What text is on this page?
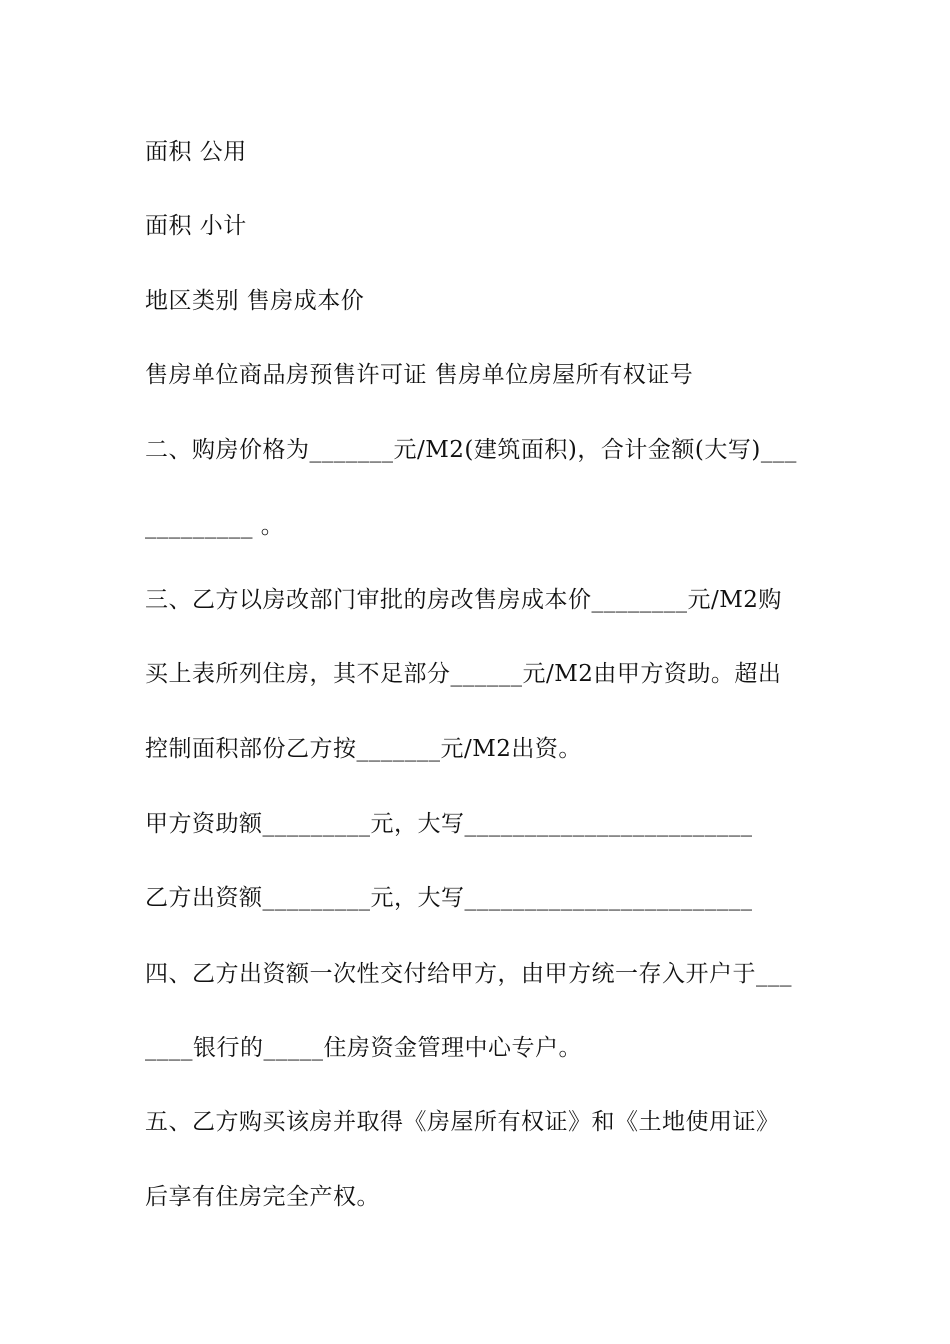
面积 公用
面积 小计
地区类别 售房成本价
售房单位商品房预售许可证 售房单位房屋所有权证号
二、购房价格为_______元/M2(建筑面积)，合计金额(大写)___
_________ 。
三、乙方以房改部门审批的房改售房成本价________元/M2购
买上表所列住房，其不足部分______元/M2由甲方资助。超出
控制面积部份乙方按_______元/M2出资。
甲方资助额_________元，大写________________________
乙方出资额_________元，大写________________________
四、乙方出资额一次性交付给甲方，由甲方统一存入开户于___
____银行的_____住房资金管理中心专户。
五、乙方购买该房并取得《房屋所有权证》和《土地使用证》
后享有住房完全产权。
